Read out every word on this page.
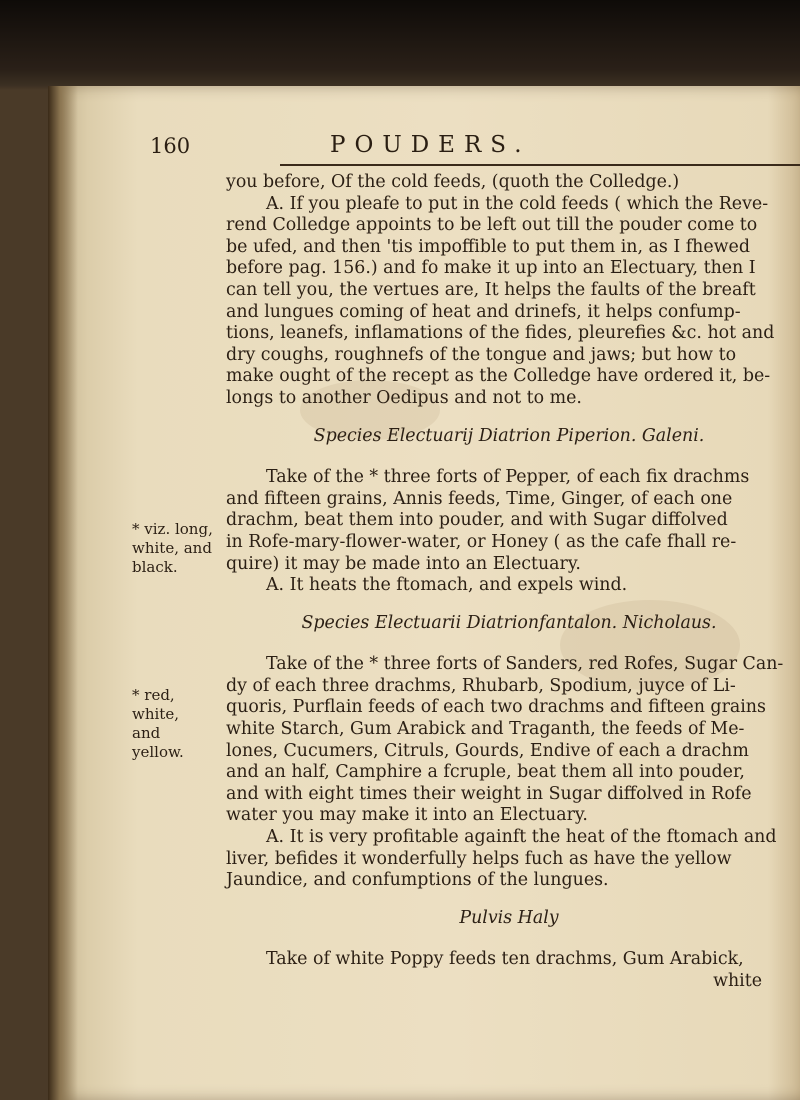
160	POUDERS.
* viz. long,
white, and
black.
* red, white,
and yellow.

you before, Of the cold feeds, (quoth the Colledge.)

A. If you pleafe to put in the cold feeds ( which the Reve-

rend Colledge appoints to be left out till the pouder come to

be ufed, and then 'tis impoffible to put them in, as I fhewed

before pag. 156.) and fo make it up into an Electuary, then I

can tell you, the vertues are, It helps the faults of the breaft

and lungues coming of heat and drinefs, it helps confump-

tions, leanefs, inflamations of the fides, pleurefies &c. hot and

dry coughs, roughnefs of the tongue and jaws; but how to

make ought of the recept as the Colledge have ordered it, be-

longs to another Oedipus and not to me.

Species Electuarij Diatrion Piperion. Galeni.

Take of the * three forts of Pepper, of each fix drachms

and fifteen grains, Annis feeds, Time, Ginger, of each one

drachm, beat them into pouder, and with Sugar diffolved

in Rofe-mary-flower-water, or Honey ( as the cafe fhall re-

quire) it may be made into an Electuary.

A. It heats the ftomach, and expels wind.

Species Electuarii Diatrionfantalon. Nicholaus.

Take of the * three forts of Sanders, red Rofes, Sugar Can-

dy of each three drachms, Rhubarb, Spodium, juyce of Li-

quoris, Purflain feeds of each two drachms and fifteen grains

white Starch, Gum Arabick and Traganth, the feeds of Me-

lones, Cucumers, Citruls, Gourds, Endive of each a drachm

and an half, Camphire a fcruple, beat them all into pouder,

and with eight times their weight in Sugar diffolved in Rofe

water you may make it into an Electuary.

A. It is very profitable againft the heat of the ftomach and

liver, befides it wonderfully helps fuch as have the yellow

Jaundice, and confumptions of the lungues.

Pulvis Haly

Take of white Poppy feeds ten drachms, Gum Arabick,

white
